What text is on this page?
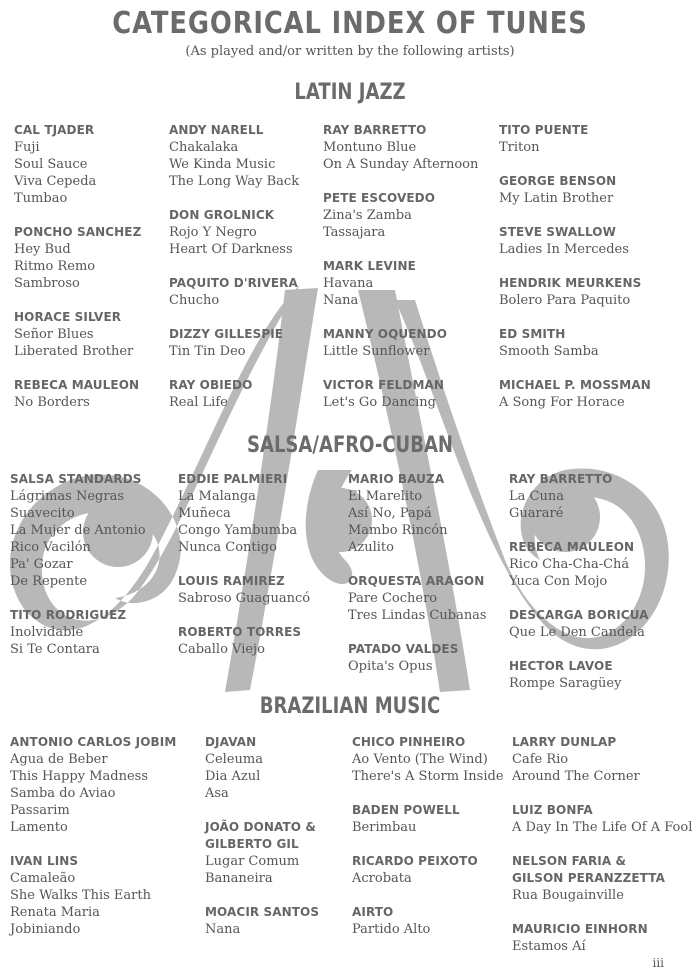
CATEGORICAL INDEX OF TUNES
(As played and/or written by the following artists)
LATIN JAZZ
CAL TJADER
Fuji
Soul Sauce
Viva Cepeda
Tumbao
PONCHO SANCHEZ
Hey Bud
Ritmo Remo
Sambroso
HORACE SILVER
Señor Blues
Liberated Brother
REBECA MAULEON
No Borders
ANDY NARELL
Chakalaka
We Kinda Music
The Long Way Back
DON GROLNICK
Rojo Y Negro
Heart Of Darkness
PAQUITO D'RIVERA
Chucho
DIZZY GILLESPIE
Tin Tin Deo
RAY OBIEDO
Real Life
RAY BARRETTO
Montuno Blue
On A Sunday Afternoon
PETE ESCOVEDO
Zina's Zamba
Tassajara
MARK LEVINE
Havana
Nana
MANNY OQUENDO
Little Sunflower
VICTOR FELDMAN
Let's Go Dancing
TITO PUENTE
Triton
GEORGE BENSON
My Latin Brother
STEVE SWALLOW
Ladies In Mercedes
HENDRIK MEURKENS
Bolero Para Paquito
ED SMITH
Smooth Samba
MICHAEL P. MOSSMAN
A Song For Horace
SALSA/AFRO-CUBAN
SALSA STANDARDS
Lágrimas Negras
Suavecito
La Mujer de Antonio
Rico Vacilón
Pa' Gozar
De Repente
TITO RODRIGUEZ
Inolvidable
Si Te Contara
EDDIE PALMIERI
La Malanga
Muñeca
Congo Yambumba
Nunca Contigo
LOUIS RAMIREZ
Sabroso Guaguancó
ROBERTO TORRES
Caballo Viejo
MARIO BAUZA
El Marelito
Así No, Papá
Mambo Rincón
Azulito
ORQUESTA ARAGON
Pare Cochero
Tres Lindas Cubanas
PATADO VALDES
Opita's Opus
RAY BARRETTO
La Cuna
Guararé
REBECA MAULEON
Rico Cha-Cha-Chá
Yuca Con Mojo
DESCARGA BORICUA
Que Le Den Candela
HECTOR LAVOE
Rompe Saragüey
BRAZILIAN MUSIC
ANTONIO CARLOS JOBIM
Agua de Beber
This Happy Madness
Samba do Aviao
Passarim
Lamento
IVAN LINS
Camaleão
She Walks This Earth
Renata Maria
Jobiniando
DJAVAN
Celeuma
Dia Azul
Asa
JOÃO DONATO &
GILBERTO GIL
Lugar Comum
Bananeira
MOACIR SANTOS
Nana
CHICO PINHEIRO
Ao Vento (The Wind)
There's A Storm Inside
BADEN POWELL
Berimbau
RICARDO PEIXOTO
Acrobata
AIRTO
Partido Alto
LARRY DUNLAP
Cafe Rio
Around The Corner
LUIZ BONFA
A Day In The Life Of A Fool
NELSON FARIA &
GILSON PERANZZETTA
Rua Bougainville
MAURICIO EINHORN
Estamos Aí
iii
